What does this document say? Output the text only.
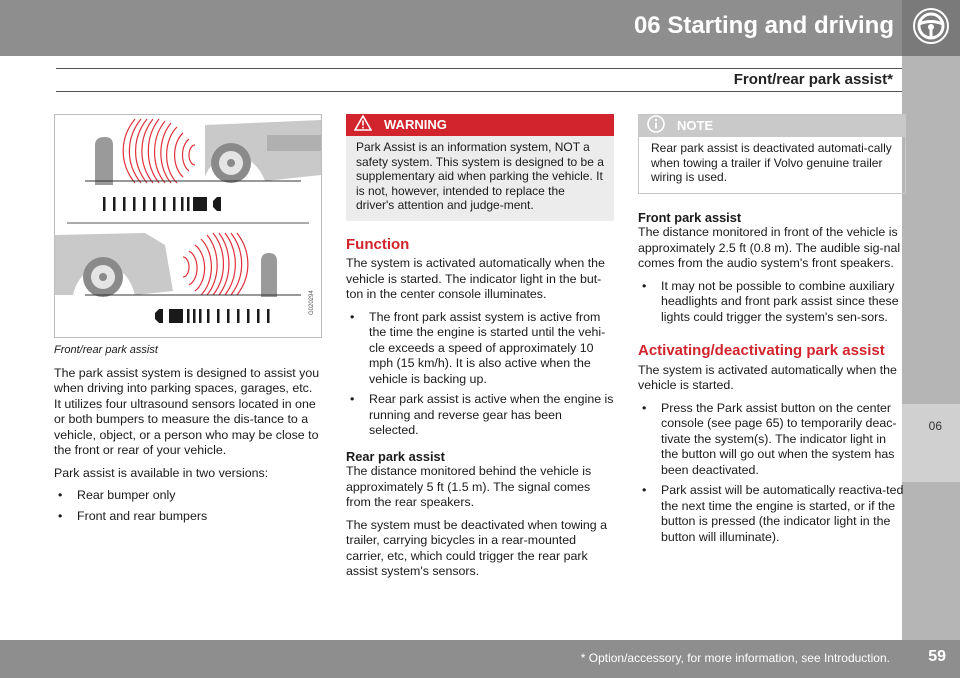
06 Starting and driving
Front/rear park assist*
06
G020294
Front/rear park assist

The park assist system is designed to assist you when driving into parking spaces, garages, etc. It utilizes four ultrasound sensors located in one or both bumpers to measure the dis-tance to a vehicle, object, or a person who may be close to the front or rear of your vehicle.

Park assist is available in two versions:

• Rear bumper only
• Front and rear bumpers
WARNING
Park Assist is an information system, NOT a safety system. This system is designed to be a supplementary aid when parking the vehicle. It is not, however, intended to replace the driver's attention and judge-ment.
Function

The system is activated automatically when the vehicle is started. The indicator light in the but-ton in the center console illuminates.

• The front park assist system is active from the time the engine is started until the vehi-cle exceeds a speed of approximately 10 mph (15 km/h). It is also active when the vehicle is backing up.
• Rear park assist is active when the engine is running and reverse gear has been selected.
Rear park assist

The distance monitored behind the vehicle is approximately 5 ft (1.5 m). The signal comes from the rear speakers.

The system must be deactivated when towing a trailer, carrying bicycles in a rear-mounted carrier, etc, which could trigger the rear park assist system's sensors.

NOTE
Rear park assist is deactivated automati-cally when towing a trailer if Volvo genuine trailer wiring is used.
Front park assist

The distance monitored in front of the vehicle is approximately 2.5 ft (0.8 m). The audible sig-nal comes from the audio system's front speakers.

• It may not be possible to combine auxiliary headlights and front park assist since these lights could trigger the system's sen-sors.
Activating/deactivating park assist

The system is activated automatically when the vehicle is started.

• Press the Park assist button on the center console (see page 65) to temporarily deac-tivate the system(s). The indicator light in the button will go out when the system has been deactivated.
• Park assist will be automatically reactiva-ted the next time the engine is started, or if the button is pressed (the indicator light in the button will illuminate).
* Option/accessory, for more information, see Introduction. 59
